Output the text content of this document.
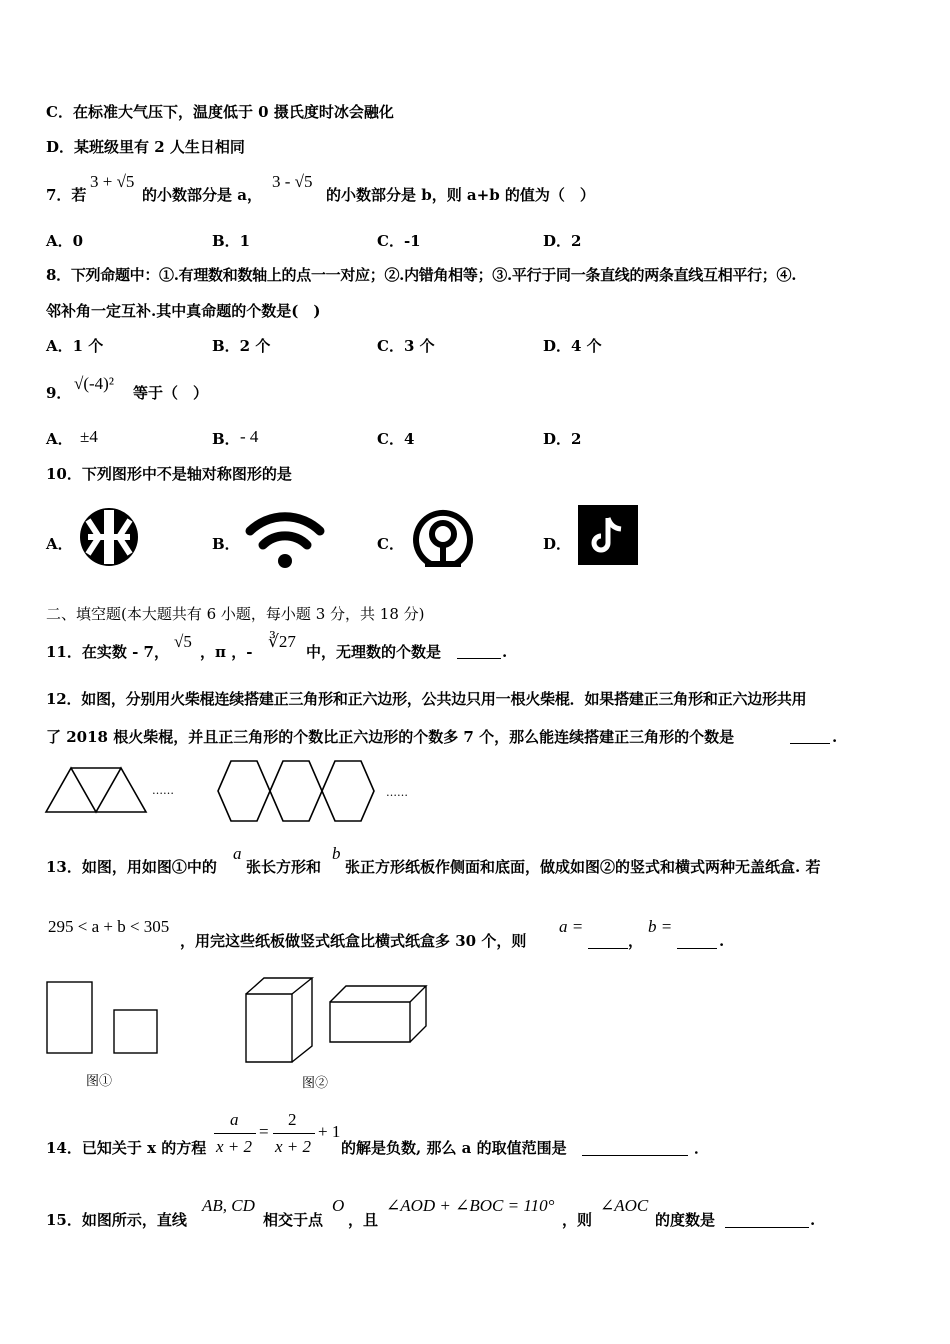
C．在标准大气压下，温度低于 0 摄氏度时冰会融化
D．某班级里有 2 人生日相同
7．若
3 + √5
的小数部分是 a，
3 - √5
的小数部分是 b，则 a+b 的值为（　）
A．0	B．1	C．-1	D．2
8．下列命题中：①.有理数和数轴上的点一一对应；②.内错角相等；③.平行于同一条直线的两条直线互相平行；④.
邻补角一定互补.其中真命题的个数是(　)
A．1 个	B．2 个	C．3 个	D．4 个
9． √(-4)² 等于（　）
A． ±4	B． - 4	C．4	D．2
10．下列图形中不是轴对称图形的是
A．	B．	C．	D．
二、填空题(本大题共有 6 小题，每小题 3 分，共 18 分)
11．在实数 - 7，
√5
，π ，-
∛27
中，无理数的个数是	.
12．如图，分别用火柴棍连续搭建正三角形和正六边形，公共边只用一根火柴棍．如果搭建正三角形和正六边形共用
了 2018 根火柴棍，并且正三角形的个数比正六边形的个数多 7 个，那么能连续搭建正三角形的个数是	.
……	……
13．如图，用如图①中的
a
张长方形和
b
张正方形纸板作侧面和底面，做成如图②的竖式和横式两种无盖纸盒. 若
295 < a + b < 305
，用完这些纸板做竖式纸盒比横式纸盒多 30 个，则
a =
，
b =
.
图①	图②
14．已知关于 x 的方程
a
x + 2
=
2
x + 2
+ 1
的解是负数, 那么 a 的取值范围是	．
15．如图所示，直线
AB, CD
相交于点
O
，且
∠AOD + ∠BOC = 110°
，则
∠AOC
的度数是	.
